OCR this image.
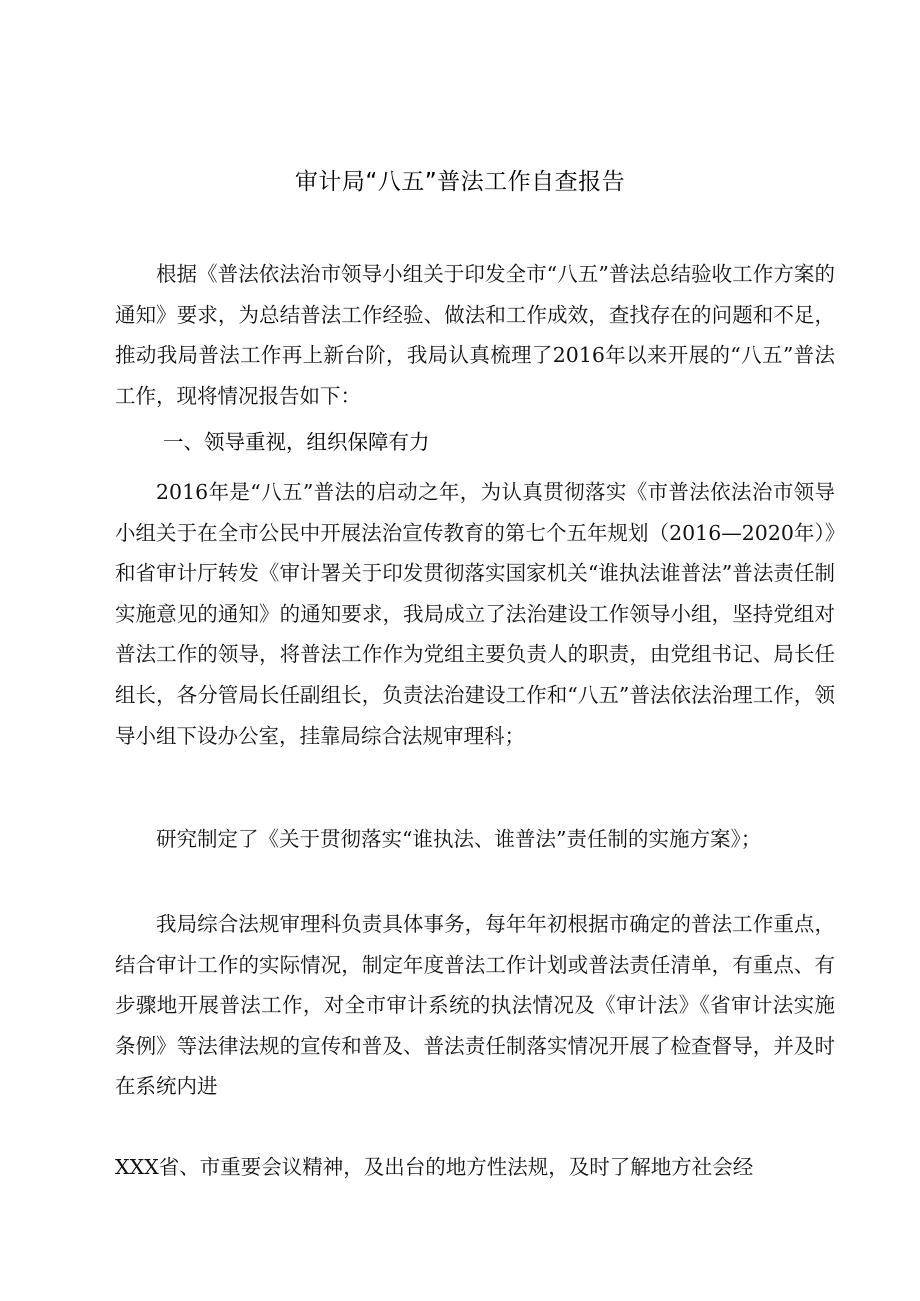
审计局“八五”普法工作自查报告

根据《普法依法治市领导小组关于印发全市“八五”普法总结验收工作方案的通知》要求，为总结普法工作经验、做法和工作成效，查找存在的问题和不足，推动我局普法工作再上新台阶，我局认真梳理了2016年以来开展的“八五”普法工作，现将情况报告如下：

一、领导重视，组织保障有力

2016年是“八五”普法的启动之年，为认真贯彻落实《市普法依法治市领导小组关于在全市公民中开展法治宣传教育的第七个五年规划（2016—2020年）》和省审计厅转发《审计署关于印发贯彻落实国家机关“谁执法谁普法”普法责任制实施意见的通知》的通知要求，我局成立了法治建设工作领导小组，坚持党组对普法工作的领导，将普法工作作为党组主要负责人的职责，由党组书记、局长任组长，各分管局长任副组长，负责法治建设工作和“八五”普法依法治理工作，领导小组下设办公室，挂靠局综合法规审理科；

研究制定了《关于贯彻落实“谁执法、谁普法”责任制的实施方案》；

我局综合法规审理科负责具体事务，每年年初根据市确定的普法工作重点，结合审计工作的实际情况，制定年度普法工作计划或普法责任清单，有重点、有步骤地开展普法工作，对全市审计系统的执法情况及《审计法》《省审计法实施条例》等法律法规的宣传和普及、普法责任制落实情况开展了检查督导，并及时在系统内进

XXX省、市重要会议精神，及出台的地方性法规，及时了解地方社会经
